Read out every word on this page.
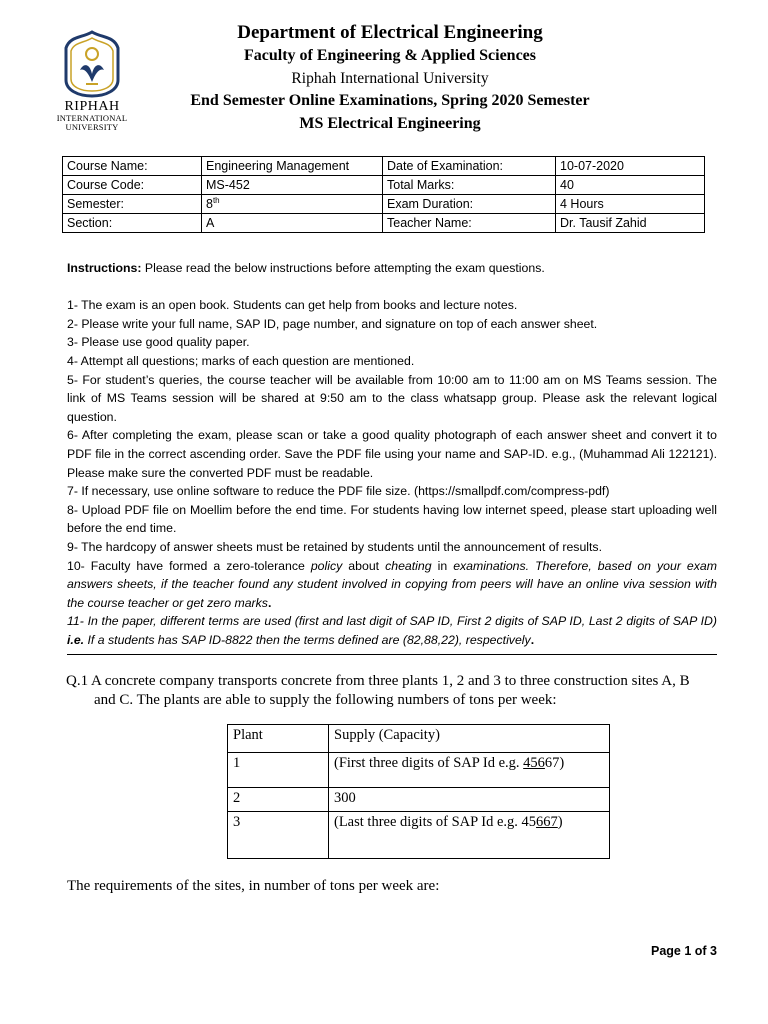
RIPHAH
INTERNATIONAL
UNIVERSITY
Department of Electrical Engineering
Faculty of Engineering & Applied Sciences
Riphah International University
End Semester Online Examinations, Spring 2020 Semester
MS Electrical Engineering
Course Name:	Engineering Management	Date of Examination:	10-07-2020
Course Code:	MS-452	Total Marks:	40
Semester:	8th	Exam Duration:	4 Hours
Section:	A	Teacher Name:	Dr. Tausif Zahid

Instructions: Please read the below instructions before attempting the exam questions.

1- The exam is an open book. Students can get help from books and lecture notes.

2- Please write your full name, SAP ID, page number, and signature on top of each answer sheet.

3- Please use good quality paper.

4- Attempt all questions; marks of each question are mentioned.

5- For student’s queries, the course teacher will be available from 10:00 am to 11:00 am on MS Teams session. The link of MS Teams session will be shared at 9:50 am to the class whatsapp group. Please ask the relevant logical question.

6- After completing the exam, please scan or take a good quality photograph of each answer sheet and convert it to PDF file in the correct ascending order. Save the PDF file using your name and SAP-ID. e.g., (Muhammad Ali 122121). Please make sure the converted PDF must be readable.

7- If necessary, use online software to reduce the PDF file size. (https://smallpdf.com/compress-pdf)

8- Upload PDF file on Moellim before the end time. For students having low internet speed, please start uploading well before the end time.

9- The hardcopy of answer sheets must be retained by students until the announcement of results.

10- Faculty have formed a zero-tolerance policy about cheating in examinations. Therefore, based on your exam answers sheets, if the teacher found any student involved in copying from peers will have an online viva session with the course teacher or get zero marks.

11- In the paper, different terms are used (first and last digit of SAP ID, First 2 digits of SAP ID, Last 2 digits of SAP ID) i.e. If a students has SAP ID-8822 then the terms defined are (82,88,22), respectively.

Q.1 A concrete company transports concrete from three plants 1, 2 and 3 to three construction sites A, B
and C. The plants are able to supply the following numbers of tons per week:
Plant	Supply (Capacity)
1	(First three digits of SAP Id e.g. 45667)
2	300
3	(Last three digits of SAP Id e.g. 45667)
The requirements of the sites, in number of tons per week are:
Page 1 of 3
